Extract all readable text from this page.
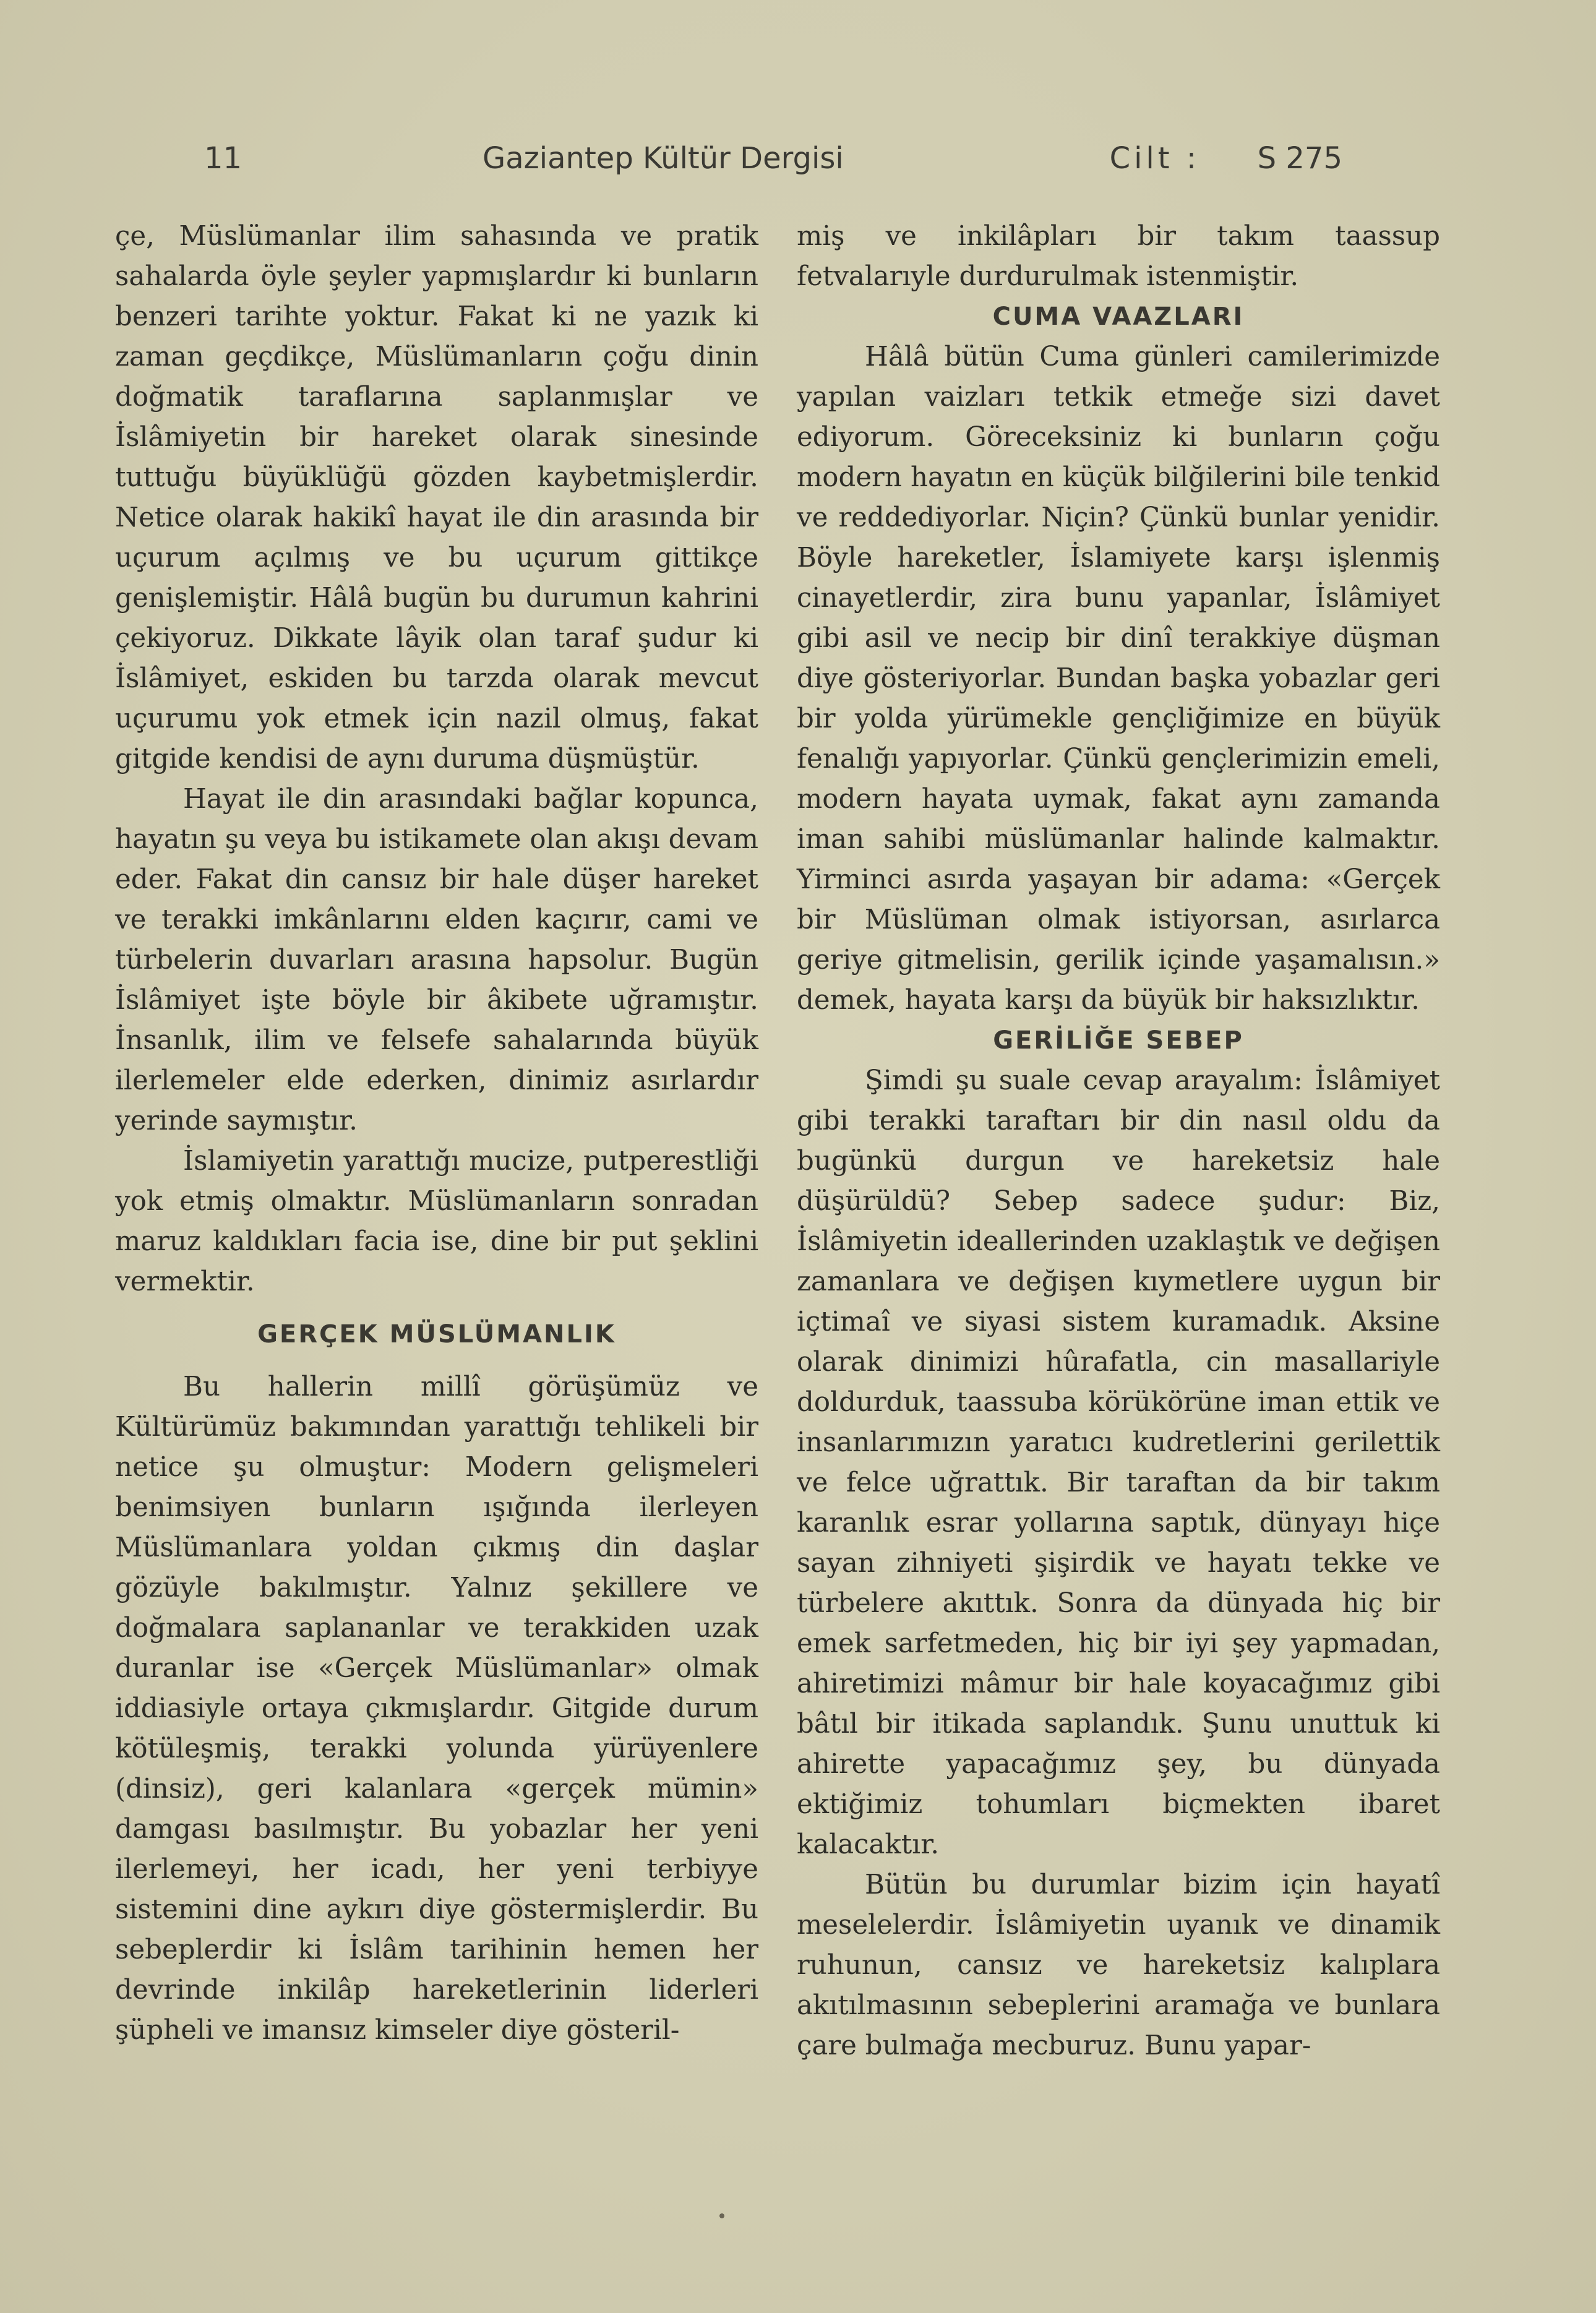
11	Gaziantep Kültür Dergisi	Cilt : S 275

çe, Müslümanlar ilim sahasında ve pratik sahalarda öyle şeyler yapmışlardır ki bunların benzeri tarihte yoktur. Fakat ki ne yazık ki zaman geçdikçe, Müslümanların çoğu dinin doğmatik taraflarına saplanmışlar ve İslâmiyetin bir hareket olarak sinesinde tuttuğu büyüklüğü gözden kaybetmişlerdir. Netice olarak hakikî hayat ile din arasında bir uçurum açılmış ve bu uçurum gittikçe genişlemiştir. Hâlâ bugün bu durumun kahrini çekiyoruz. Dikkate lâyik olan taraf şudur ki İslâmiyet, eskiden bu tarzda olarak mevcut uçurumu yok etmek için nazil olmuş, fakat gitgide kendisi de aynı duruma düşmüştür.

Hayat ile din arasındaki bağlar kopunca, hayatın şu veya bu istikamete olan akışı devam eder. Fakat din cansız bir hale düşer hareket ve terakki imkânlarını elden kaçırır, cami ve türbelerin duvarları arasına hapsolur. Bugün İslâmiyet işte böyle bir âkibete uğramıştır. İnsanlık, ilim ve felsefe sahalarında büyük ilerlemeler elde ederken, dinimiz asırlardır yerinde saymıştır.

İslamiyetin yarattığı mucize, putperestliği yok etmiş olmaktır. Müslümanların sonradan maruz kaldıkları facia ise, dine bir put şeklini vermektir.

GERÇEK MÜSLÜMANLIK

Bu hallerin millî görüşümüz ve Kültürümüz bakımından yarattığı tehlikeli bir netice şu olmuştur: Modern gelişmeleri benimsiyen bunların ışığında ilerleyen Müslümanlara yoldan çıkmış din daşlar gözüyle bakılmıştır. Yalnız şekillere ve doğmalara saplananlar ve terakkiden uzak duranlar ise «Gerçek Müslümanlar» olmak iddiasiyle ortaya çıkmışlardır. Gitgide durum kötüleşmiş, terakki yolunda yürüyenlere (dinsiz), geri kalanlara «gerçek mümin» damgası basılmıştır. Bu yobazlar her yeni ilerlemeyi, her icadı, her yeni terbiyye sistemini dine aykırı diye göstermişlerdir. Bu sebeplerdir ki İslâm tarihinin hemen her devrinde inkilâp hareketlerinin liderleri şüpheli ve imansız kimseler diye gösteril-

miş ve inkilâpları bir takım taassup fetvalarıyle durdurulmak istenmiştir.

CUMA VAAZLARI

Hâlâ bütün Cuma günleri camilerimizde yapılan vaizları tetkik etmeğe sizi davet ediyorum. Göreceksiniz ki bunların çoğu modern hayatın en küçük bilğilerini bile tenkid ve reddediyorlar. Niçin? Çünkü bunlar yenidir. Böyle hareketler, İslamiyete karşı işlenmiş cinayetlerdir, zira bunu yapanlar, İslâmiyet gibi asil ve necip bir dinî terakkiye düşman diye gösteriyorlar. Bundan başka yobazlar geri bir yolda yürümekle gençliğimize en büyük fenalığı yapıyorlar. Çünkü gençlerimizin emeli, modern hayata uymak, fakat aynı zamanda iman sahibi müslümanlar halinde kalmaktır. Yirminci asırda yaşayan bir adama: «Gerçek bir Müslüman olmak istiyorsan, asırlarca geriye gitmelisin, gerilik içinde yaşamalısın.» demek, hayata karşı da büyük bir haksızlıktır.

GERİLİĞE SEBEP

Şimdi şu suale cevap arayalım: İslâmiyet gibi terakki taraftarı bir din nasıl oldu da bugünkü durgun ve hareketsiz hale düşürüldü? Sebep sadece şudur: Biz, İslâmiyetin ideallerinden uzaklaştık ve değişen zamanlara ve değişen kıymetlere uygun bir içtimaî ve siyasi sistem kuramadık. Aksine olarak dinimizi hûrafatla, cin masallariyle doldurduk, taassuba körükörüne iman ettik ve insanlarımızın yaratıcı kudretlerini gerilettik ve felce uğrattık. Bir taraftan da bir takım karanlık esrar yollarına saptık, dünyayı hiçe sayan zihniyeti şişirdik ve hayatı tekke ve türbelere akıttık. Sonra da dünyada hiç bir emek sarfetmeden, hiç bir iyi şey yapmadan, ahiretimizi mâmur bir hale koyacağımız gibi bâtıl bir itikada saplandık. Şunu unuttuk ki ahirette yapacağımız şey, bu dünyada ektiğimiz tohumları biçmekten ibaret kalacaktır.

Bütün bu durumlar bizim için hayatî meselelerdir. İslâmiyetin uyanık ve dinamik ruhunun, cansız ve hareketsiz kalıplara akıtılmasının sebeplerini aramağa ve bunlara çare bulmağa mecburuz. Bunu yapar-
